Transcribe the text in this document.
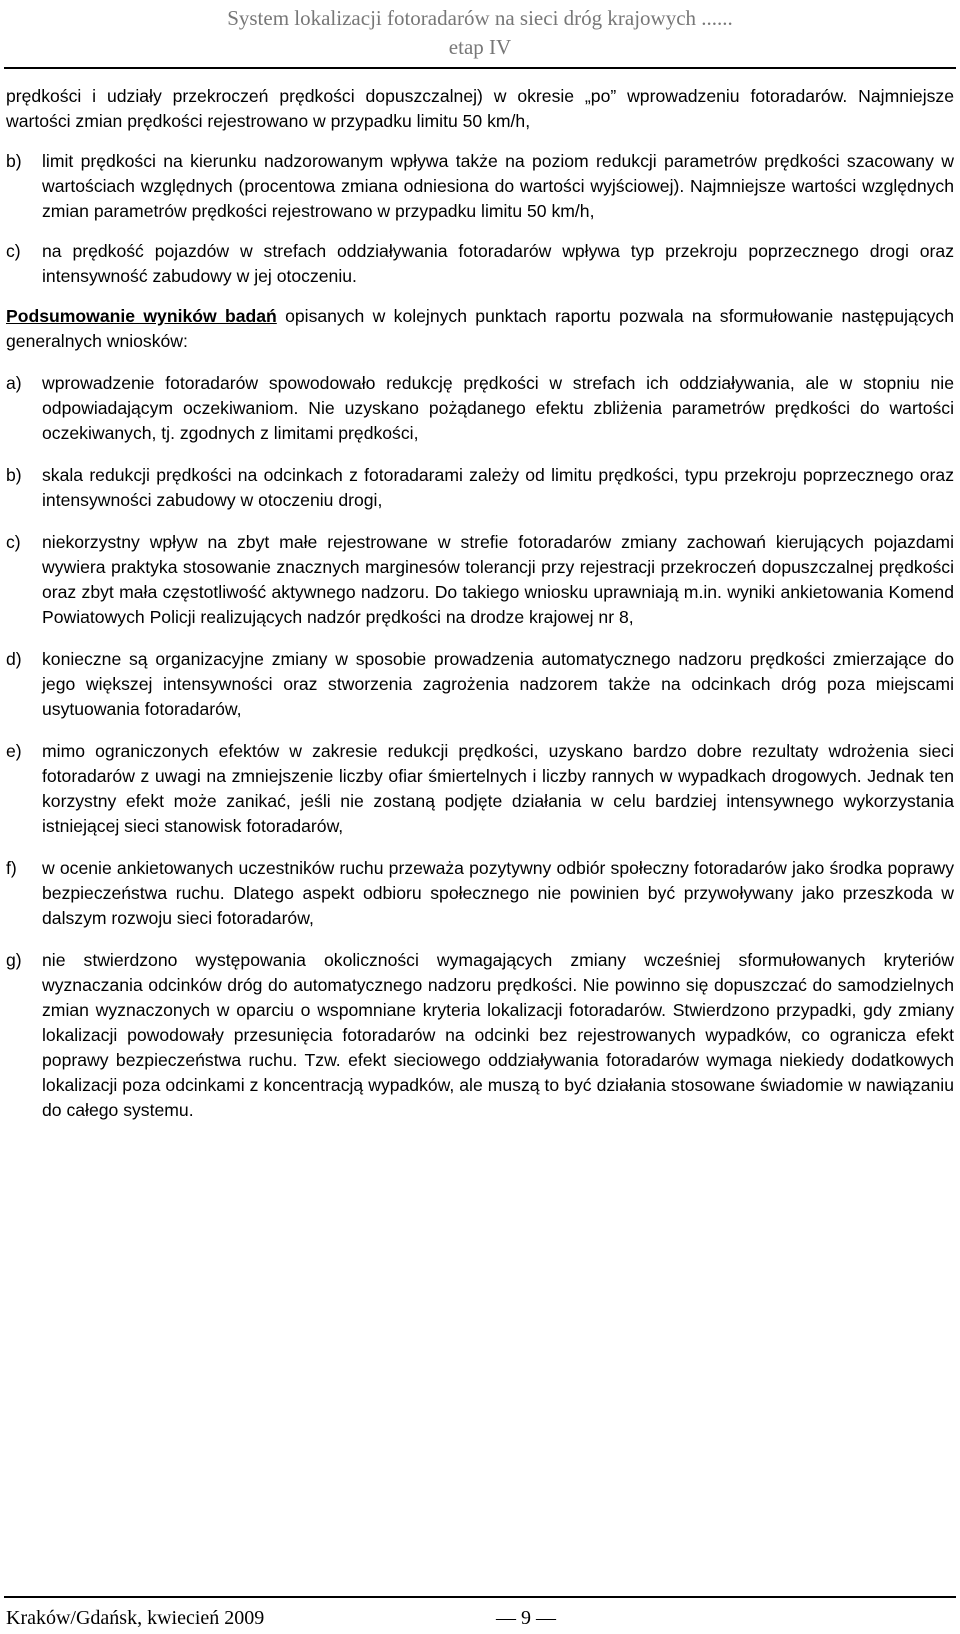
System lokalizacji fotoradarów na sieci dróg krajowych ......
etap IV
prędkości i udziały przekroczeń prędkości dopuszczalnej) w okresie „po” wprowadzeniu fotoradarów. Najmniejsze wartości zmian prędkości rejestrowano w przypadku limitu 50 km/h,
b) limit prędkości na kierunku nadzorowanym wpływa także na poziom redukcji parametrów prędkości szacowany w wartościach względnych (procentowa zmiana odniesiona do wartości wyjściowej). Najmniejsze wartości względnych zmian parametrów prędkości rejestrowano w przypadku limitu 50 km/h,
c) na prędkość pojazdów w strefach oddziaływania fotoradarów wpływa typ przekroju poprzecznego drogi oraz intensywność zabudowy w jej otoczeniu.
Podsumowanie wyników badań opisanych w kolejnych punktach raportu pozwala na sformułowanie następujących generalnych wniosków:
a) wprowadzenie fotoradarów spowodowało redukcję prędkości w strefach ich oddziaływania, ale w stopniu nie odpowiadającym oczekiwaniom. Nie uzyskano pożądanego efektu zbliżenia parametrów prędkości do wartości oczekiwanych, tj. zgodnych z limitami prędkości,
b) skala redukcji prędkości na odcinkach z fotoradarami zależy od limitu prędkości, typu przekroju poprzecznego oraz intensywności zabudowy w otoczeniu drogi,
c) niekorzystny wpływ na zbyt małe rejestrowane w strefie fotoradarów zmiany zachowań kierujących pojazdami wywiera praktyka stosowanie znacznych marginesów tolerancji przy rejestracji przekroczeń dopuszczalnej prędkości oraz zbyt mała częstotliwość aktywnego nadzoru. Do takiego wniosku uprawniają m.in. wyniki ankietowania Komend Powiatowych Policji realizujących nadzór prędkości na drodze krajowej nr 8,
d) konieczne są organizacyjne zmiany w sposobie prowadzenia automatycznego nadzoru prędkości zmierzające do jego większej intensywności oraz stworzenia zagrożenia nadzorem także na odcinkach dróg poza miejscami usytuowania fotoradarów,
e) mimo ograniczonych efektów w zakresie redukcji prędkości, uzyskano bardzo dobre rezultaty wdrożenia sieci fotoradarów z uwagi na zmniejszenie liczby ofiar śmiertelnych i liczby rannych w wypadkach drogowych. Jednak ten korzystny efekt może zanikać, jeśli nie zostaną podjęte działania w celu bardziej intensywnego wykorzystania istniejącej sieci stanowisk fotoradarów,
f) w ocenie ankietowanych uczestników ruchu przeważa pozytywny odbiór społeczny fotoradarów jako środka poprawy bezpieczeństwa ruchu. Dlatego aspekt odbioru społecznego nie powinien być przywoływany jako przeszkoda w dalszym rozwoju sieci fotoradarów,
g) nie stwierdzono występowania okoliczności wymagających zmiany wcześniej sformułowanych kryteriów wyznaczania odcinków dróg do automatycznego nadzoru prędkości. Nie powinno się dopuszczać do samodzielnych zmian wyznaczonych w oparciu o wspomniane kryteria lokalizacji fotoradarów. Stwierdzono przypadki, gdy zmiany lokalizacji powodowały przesunięcia fotoradarów na odcinki bez rejestrowanych wypadków, co ogranicza efekt poprawy bezpieczeństwa ruchu. Tzw. efekt sieciowego oddziaływania fotoradarów wymaga niekiedy dodatkowych lokalizacji poza odcinkami z koncentracją wypadków, ale muszą to być działania stosowane świadomie w nawiązaniu do całego systemu.
Kraków/Gdańsk, kwiecień 2009	— 9 —
